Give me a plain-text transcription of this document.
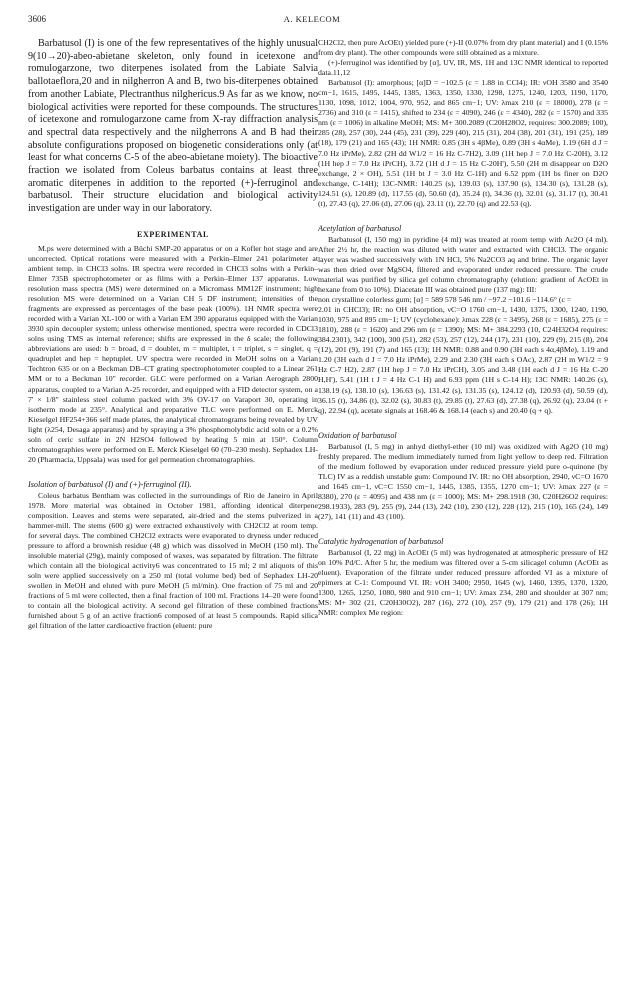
3606	A. KELECOM

Barbatusol (I) is one of the few representatives of the highly unusual 9(10→20)-abeo-abietane skeleton, only found in icetexone and romulogarzone, two diterpenes isolated from the Labiate Salvia ballotaeflora,20 and in nilgherron A and B, two bis-diterpenes obtained from another Labiate, Plectranthus nilghericus.9 As far as we know, no biological activities were reported for these compounds. The structures of icetexone and romulogarzone came from X-ray diffraction analysis and spectral data respectively and the nilgherrons A and B had their absolute configurations proposed on biogenetic considerations only (at least for what concerns C-5 of the abeo-abietane moiety). The bioactive fraction we isolated from Coleus barbatus contains at least three aromatic diterpenes in addition to the reported (+)-ferruginol and barbatusol. Their structure elucidation and biological activity investigation are under way in our laboratory.

EXPERIMENTAL

M.ps were determined with a Büchi SMP-20 apparatus or on a Kofler hot stage and are uncorrected. Optical rotations were measured with a Perkin–Elmer 241 polarimeter at ambient temp. in CHCl3 solns. IR spectra were recorded in CHCl3 solns with a Perkin–Elmer 735B spectrophotometer or as films with a Perkin–Elmer 137 apparatus. Low resolution mass spectra (MS) were determined on a Micromass MM12F instrument; high resolution MS were determined on a Varian CH 5 DF instrument; intensities of the fragments are expressed as percentages of the base peak (100%). 1H NMR spectra were recorded with a Varian XL-100 or with a Varian EM 390 apparatus equipped with the Varian 3930 spin decoupler system; unless otherwise mentioned, spectra were recorded in CDCl3 solns using TMS as internal reference; shifts are expressed in the δ scale; the following abbreviations are used: b = broad, d = doublet, m = multiplet, t = triplet, s = singlet, q = quadruplet and hep = heptuplet. UV spectra were recorded in MeOH solns on a Varian Techtron 635 or on a Beckman DB–CT grating spectrophotometer coupled to a Linear 261 MM or to a Beckman 10" recorder. GLC were performed on a Varian Aerograph 2800 apparatus, coupled to a Varian A-25 recorder, and equipped with a FID detector system, on a 7' × 1/8" stainless steel column packed with 3% OV-17 on Varaport 30, operating in isotherm mode at 235°. Analytical and preparative TLC were performed on E. Merck Kieselgel HF254+366 self made plates, the analytical chromatograms being revealed by UV light (λ254, Desaga apparatus) and by spraying a 3% phosphomolybdic acid soln or a 0.2% soln of ceric sulfate in 2N H2SO4 followed by heating 5 min at 150°. Column chromatographies were performed on E. Merck Kieselgel 60 (70–230 mesh). Sephadex LH-20 (Pharmacia, Uppsala) was used for gel permeation chromatographies.

Isolation of barbatusol (I) and (+)-ferruginol (II).

Coleus barbatus Bentham was collected in the surroundings of Rio de Janeiro in April 1978. More material was obtained in October 1981, affording identical diterpene composition. Leaves and stems were separated, air-dried and the stems pulverized in a hammer-mill. The stems (600 g) were extracted exhaustively with CH2Cl2 at room temp. for several days. The combined CH2Cl2 extracts were evaporated to dryness under reduced pressure to afford a brownish residue (48 g) which was dissolved in MeOH (150 ml). The insoluble material (29g), mainly composed of waxes, was separated by filtration. The filtrate which contain all the biological activity6 was concentrated to 15 ml; 2 ml aliquots of this soln were applied successively on a 250 ml (total volume bed) bed of Sephadex LH-20 swollen in MeOH and eluted with pure MeOH (5 ml/min). One fraction of 75 ml and 20 fractions of 5 ml were collected, then a final fraction of 100 ml. Fractions 14–20 were found to contain all the biological activity. A second gel filtration of these combined fractions furnished about 5 g of an active fraction6 composed of at least 5 compounds. Rapid silica gel filtration of the latter cardioactive fraction (eluent: pure

CH2Cl2, then pure AcOEt) yielded pure (+)-II (0.07% from dry plant material) and I (0.15% from dry plant). The other compounds were still obtained as a mixture.

(+)-ferruginol was identified by [α], UV, IR, MS, 1H and 13C NMR identical to reported data.11,12

Barbatusol (I): amorphous; [α]D = −102.5 (c = 1.88 in CCl4); IR: νOH 3580 and 3540 cm−1, 1615, 1495, 1445, 1385, 1363, 1350, 1330, 1298, 1275, 1240, 1203, 1190, 1170, 1130, 1098, 1012, 1004, 970, 952, and 865 cm−1; UV: λmax 210 (ε = 18000), 278 (ε = 2736) and 310 (ε = 1415), shifted to 234 (ε = 4090), 246 (ε = 4340), 282 (ε = 1570) and 335 nm (ε = 1006) in alkaline MeOH; MS: M+ 300.2089 (C20H28O2, requires: 300.2089; 100), 285 (28), 257 (30), 244 (45), 231 (39), 229 (40), 215 (31), 204 (38), 201 (31), 191 (25), 189 (18), 179 (21) and 165 (43); 1H NMR: 0.85 (3H s 4βMe), 0.89 (3H s 4αMe), 1.19 (6H d J = 7.0 Hz iPrMe), 2.82 (2H dd W1/2 = 16 Hz C-7H2), 3.09 (1H hep J = 7.0 Hz C-20H), 3.12 (1H hep J = 7.0 Hz iPrCH), 3.72 (1H d J = 15 Hz C-20H'), 5.50 (2H m disappear on D2O exchange, 2 × OH), 5.51 (1H bt J = 3.0 Hz C-1H) and 6.52 ppm (1H bs finer on D2O exchange, C-14H); 13C-NMR: 140.25 (s), 139.03 (s), 137.90 (s), 134.30 (s), 131.28 (s), 124.51 (s), 120.89 (d), 117.55 (d), 50.60 (d), 35.24 (t), 34.36 (t), 32.01 (s), 31.17 (t), 30.41 (t), 27.43 (q), 27.06 (d), 27.06 (q), 23.11 (t), 22.70 (q) and 22.53 (q).

Acetylation of barbatusol

Barbatusol (I, 150 mg) in pyridine (4 ml) was treated at room temp with Ac2O (4 ml). After 2½ hr, the reaction was diluted with water and extracted with CHCl3. The organic layer was washed successively with 1N HCl, 5% Na2CO3 aq and brine. The organic layer was then dried over MgSO4, filtered and evaporated under reduced pressure. The crude material was purified by silica gel column chromatography (elution: gradient of AcOEt in hexane from 0 to 10%). Diacetate III was obtained pure (137 mg): III:

non crystalline colorless gum; [α] = 589 578 546 nm / −97.2 −101.6 −114.6° (c =

2.01 in CHCl3); IR: no OH absorption, νC=O 1760 cm−1, 1430, 1375, 1300, 1240, 1190, 1030, 975 and 895 cm−1; UV (cyclohexane): λmax 228 (ε = 3495), 268 (ε = 1685), 275 (ε = 1810), 288 (ε = 1620) and 296 nm (ε = 1390); MS: M+ 384.2293 (10, C24H32O4 requires: 384.2301), 342 (100), 300 (51), 282 (53), 257 (12), 244 (17), 231 (10), 229 (9), 215 (8), 204 (12), 201 (9), 191 (7) and 165 (13); 1H NMR: 0.88 and 0.90 (3H each s 4α,4βMe), 1.19 and 1.20 (3H each d J = 7.0 Hz iPrMe), 2.29 and 2.30 (3H each s OAc), 2.87 (2H m W1/2 = 9 Hz C-7 H2), 2.87 (1H hep J = 7.0 Hz iPrCH), 3.05 and 3.48 (1H each d J = 16 Hz C-20 H,H'), 5.41 (1H t J = 4 Hz C-1 H) and 6.93 ppm (1H s C-14 H); 13C NMR: 140.26 (s), 138.19 (s), 138.10 (s), 136.63 (s), 131.42 (s), 131.35 (s), 124.12 (d), 120.93 (d), 50.59 (d), 36.15 (t), 34.86 (t), 32.02 (s), 30.83 (t), 29.85 (t), 27.63 (d), 27.38 (q), 26.92 (q), 23.04 (t + q), 22.94 (q), acetate signals at 168.46 & 168.14 (each s) and 20.40 (q + q).

Oxidation of barbatusol

Barbatusol (I, 5 mg) in anhyd diethyl-ether (10 ml) was oxidized with Ag2O (10 mg) freshly prepared. The medium immediately turned from light yellow to deep red. Filtration of the medium followed by evaporation under reduced pressure yield pure o-quinone (by TLC) IV as a reddish unstable gum: Compound IV. IR: no OH absorption, 2940, νC=O 1670 and 1645 cm−1, νC=C 1550 cm−1, 1445, 1385, 1355, 1270 cm−1; UV: λmax 227 (ε = 8380), 270 (ε = 4095) and 438 nm (ε = 1000); MS: M+ 298.1918 (30, C20H26O2 requires: 298.1933), 283 (9), 255 (9), 244 (13), 242 (10), 230 (12), 228 (12), 215 (10), 165 (24), 149 (27), 141 (11) and 43 (100).

Catalytic hydrogenation of barbatusol

Barbatusol (I, 22 mg) in AcOEt (5 ml) was hydrogenated at atmospheric pressure of H2 on 10% Pd/C. After 5 hr, the medium was filtered over a 5-cm silicagel column (AcOEt as eluent). Evaporation of the filtrate under reduced pressure afforded VI as a mixture of epimers at C-1: Compound VI. IR: νOH 3400; 2950, 1645 (w), 1460, 1395, 1370, 1320, 1300, 1265, 1250, 1080, 980 and 910 cm−1; UV: λmax 234, 280 and shoulder at 307 nm; MS: M+ 302 (21, C20H30O2), 287 (16), 272 (10), 257 (9), 179 (21) and 178 (26); 1H NMR: complex Me region:
